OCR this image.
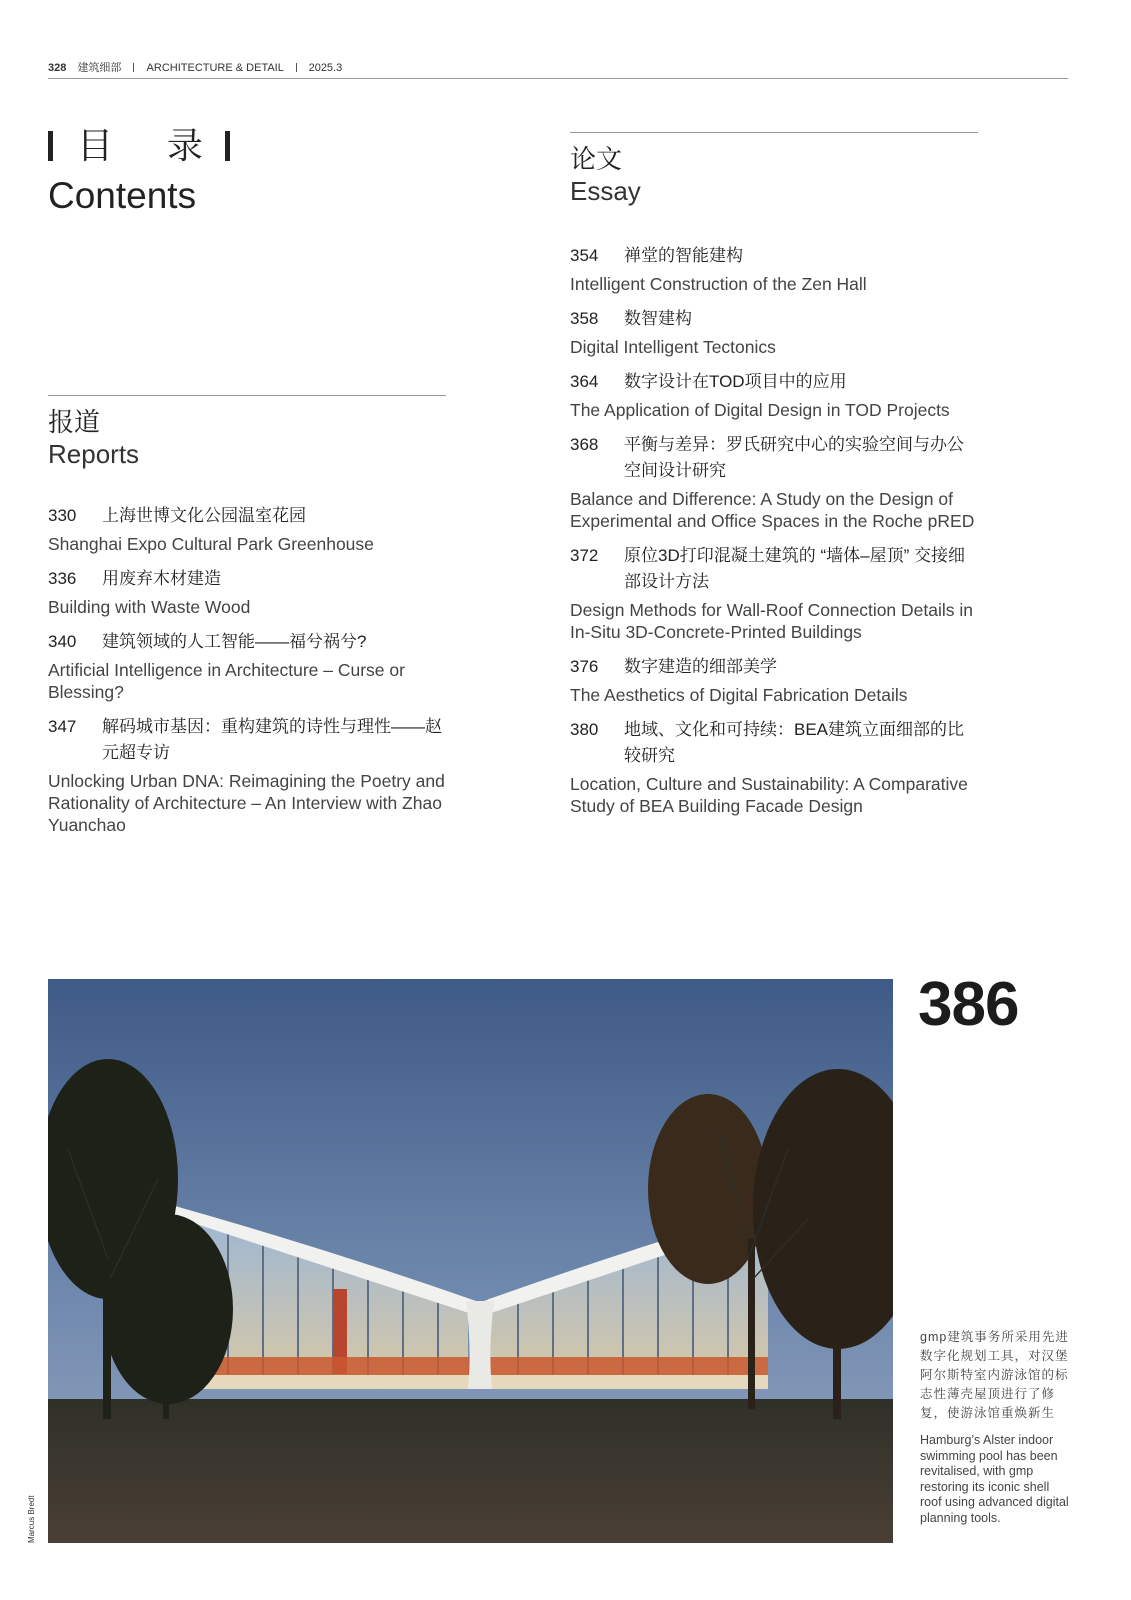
328 建筑细部 ARCHITECTURE & DETAIL 2025.3
目 录
Contents
报道
Reports
330	上海世博文化公园温室花园
Shanghai Expo Cultural Park Greenhouse
336	用废弃木材建造
Building with Waste Wood
340	建筑领域的人工智能——福兮祸兮?
Artificial Intelligence in Architecture – Curse or Blessing?
347	解码城市基因：重构建筑的诗性与理性——赵元超专访
Unlocking Urban DNA: Reimagining the Poetry and Rationality of Architecture – An Interview with Zhao Yuanchao
论文
Essay
354	禅堂的智能建构
Intelligent Construction of the Zen Hall
358	数智建构
Digital Intelligent Tectonics
364	数字设计在TOD项目中的应用
The Application of Digital Design in TOD Projects
368	平衡与差异：罗氏研究中心的实验空间与办公空间设计研究
Balance and Difference: A Study on the Design of Experimental and Office Spaces in the Roche pRED
372	原位3D打印混凝土建筑的 “墙体–屋顶” 交接细部设计方法
Design Methods for Wall-Roof Connection Details in In-Situ 3D-Concrete-Printed Buildings
376	数字建造的细部美学
The Aesthetics of Digital Fabrication Details
380	地域、文化和可持续：BEA建筑立面细部的比较研究
Location, Culture and Sustainability: A Comparative Study of BEA Building Facade Design
Marcus Bredt
386
gmp建筑事务所采用先进数字化规划工具，对汉堡阿尔斯特室内游泳馆的标志性薄壳屋顶进行了修复，使游泳馆重焕新生
Hamburg’s Alster indoor swimming pool has been revitalised, with gmp restoring its iconic shell roof using advanced digital planning tools.
